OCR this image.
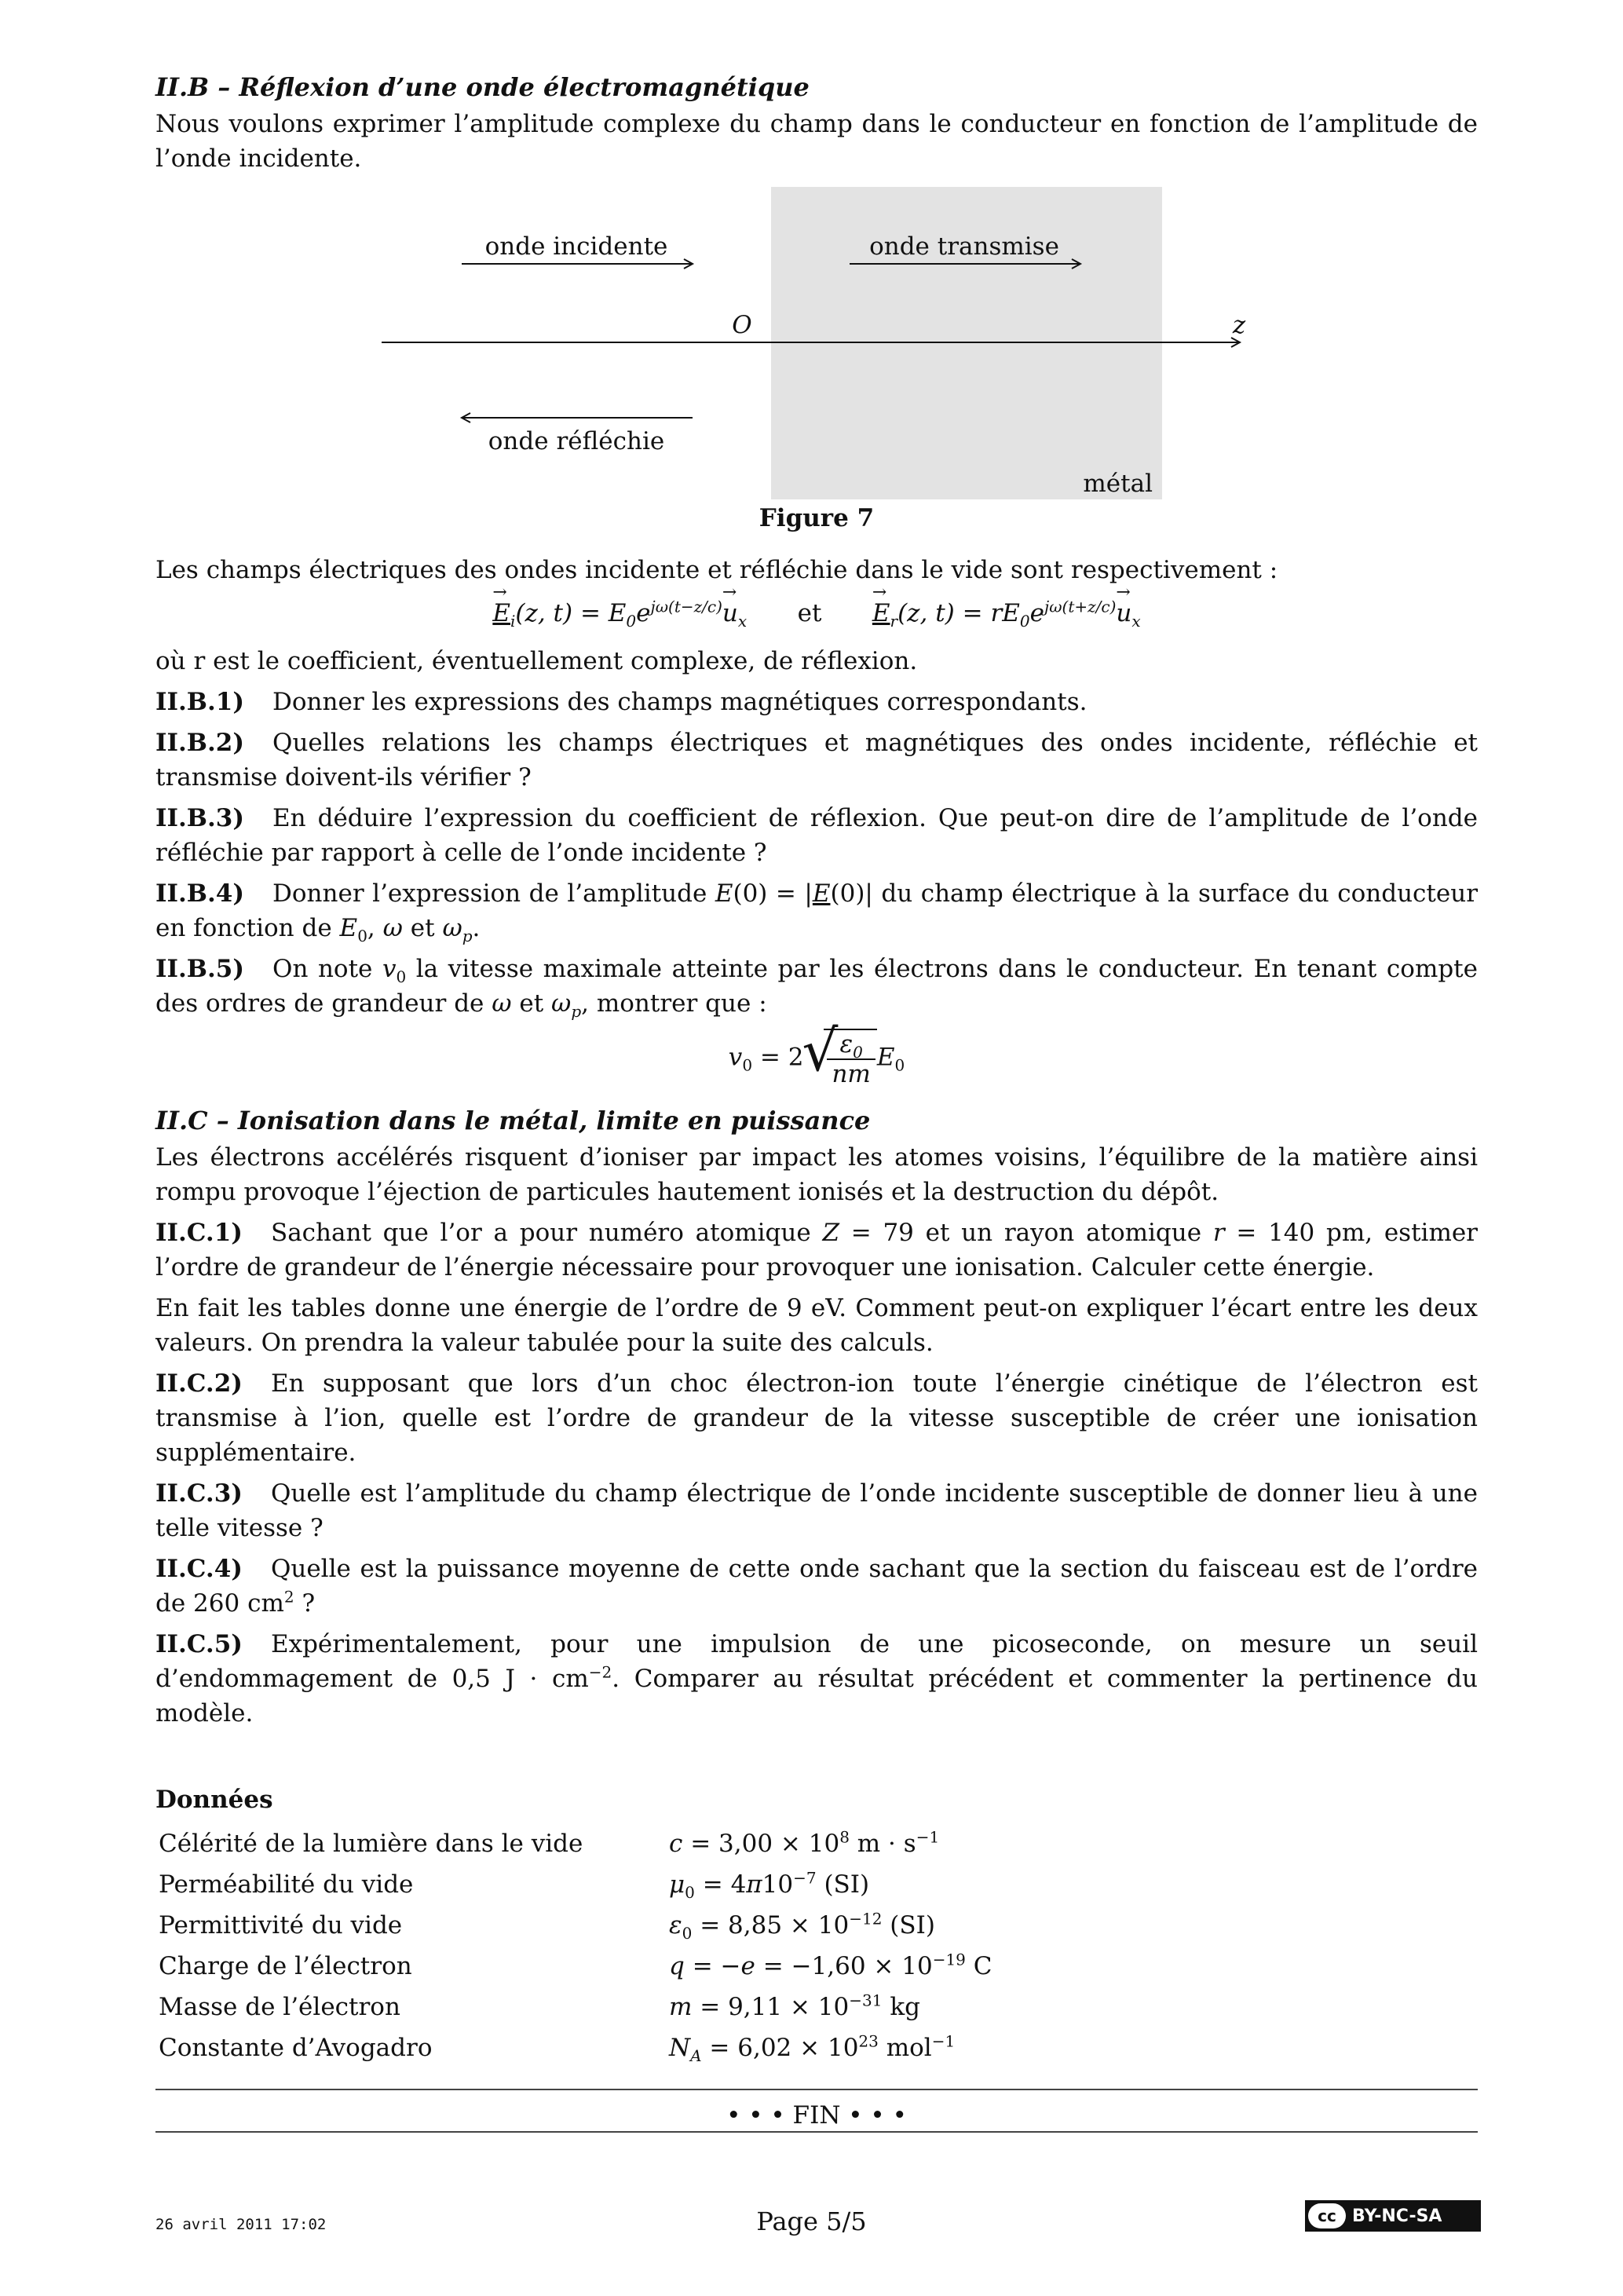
II.B – Réflexion d’une onde électromagnétique

Nous voulons exprimer l’amplitude complexe du champ dans le conducteur en fonction de l’amplitude de l’onde incidente.

onde incidente	onde transmise
O	z
onde réfléchie
métal
Figure 7

Les champs électriques des ondes incidente et réfléchie dans le vide sont respectivement :

→ $E_i(z$, $t) = E_0e^{j\omega(t-z/c)}\to u_x$ et → $E_r(z$, $t) = rE_0e^{j\omega(t+z/c)}\to u_x$

où r est le coefficient, éventuellement complexe, de réflexion.

II.B.1) Donner les expressions des champs magnétiques correspondants.
II.B.2) Quelles relations les champs électriques et magnétiques des ondes incidente, réfléchie et transmise doivent-ils vérifier ?
II.B.3) En déduire l’expression du coefficient de réflexion. Que peut-on dire de l’amplitude de l’onde réfléchie par rapport à celle de l’onde incidente ?
II.B.4) Donner l’expression de l’amplitude E(0) = |E(0)| du champ électrique à la surface du conducteur en fonction de $E_0$, ω et $\omega_p$.
II.B.5) On note $v_0$ la vitesse maximale atteinte par les électrons dans le conducteur. En tenant compte des ordres de grandeur de ω et $\omega_p$, montrer que :
$v_0 = 2$
√
$\frac{\varepsilon_0}{nm} E_0$
II.C – Ionisation dans le métal, limite en puissance

Les électrons accélérés risquent d’ioniser par impact les atomes voisins, l’équilibre de la matière ainsi rompu provoque l’éjection de particules hautement ionisés et la destruction du dépôt.

II.C.1) Sachant que l’or a pour numéro atomique Z = 79 et un rayon atomique r = 140 pm, estimer l’ordre de grandeur de l’énergie nécessaire pour provoquer une ionisation. Calculer cette énergie.

En fait les tables donne une énergie de l’ordre de 9 eV. Comment peut-on expliquer l’écart entre les deux valeurs. On prendra la valeur tabulée pour la suite des calculs.

II.C.2) En supposant que lors d’un choc électron-ion toute l’énergie cinétique de l’électron est transmise à l’ion, quelle est l’ordre de grandeur de la vitesse susceptible de créer une ionisation supplémentaire.
II.C.3) Quelle est l’amplitude du champ électrique de l’onde incidente susceptible de donner lieu à une telle vitesse ?
II.C.4) Quelle est la puissance moyenne de cette onde sachant que la section du faisceau est de l’ordre de 260 $cm^2$ ?
II.C.5) Expérimentalement, pour une impulsion de une picoseconde, on mesure un seuil d’endommagement de 0,5 $J \cdot cm^{-2}$. Comparer au résultat précédent et commenter la pertinence du modèle.
Données
Célérité de la lumière dans le vide	$c = 3,00 \times 10^8$ $m \cdot s^{-1}$
Perméabilité du vide	$\mu_0 = 4\pi 10^{-7}$ (SI)
Permittivité du vide	$\varepsilon_0 = 8,85 \times 10^{-12}$ (SI)
Charge de l’électron	$q = -e = -1,60 \times 10^{-19}$ C
Masse de l’électron	$m = 9,11 \times 10^{-31}$ kg
Constante d’Avogadro	$N_A = 6,02 \times 10^{23}$ mol$^{-1}$
• • • FIN • • •
26 avril 2011 17:02	Page 5/5	cc BY-NC-SA
